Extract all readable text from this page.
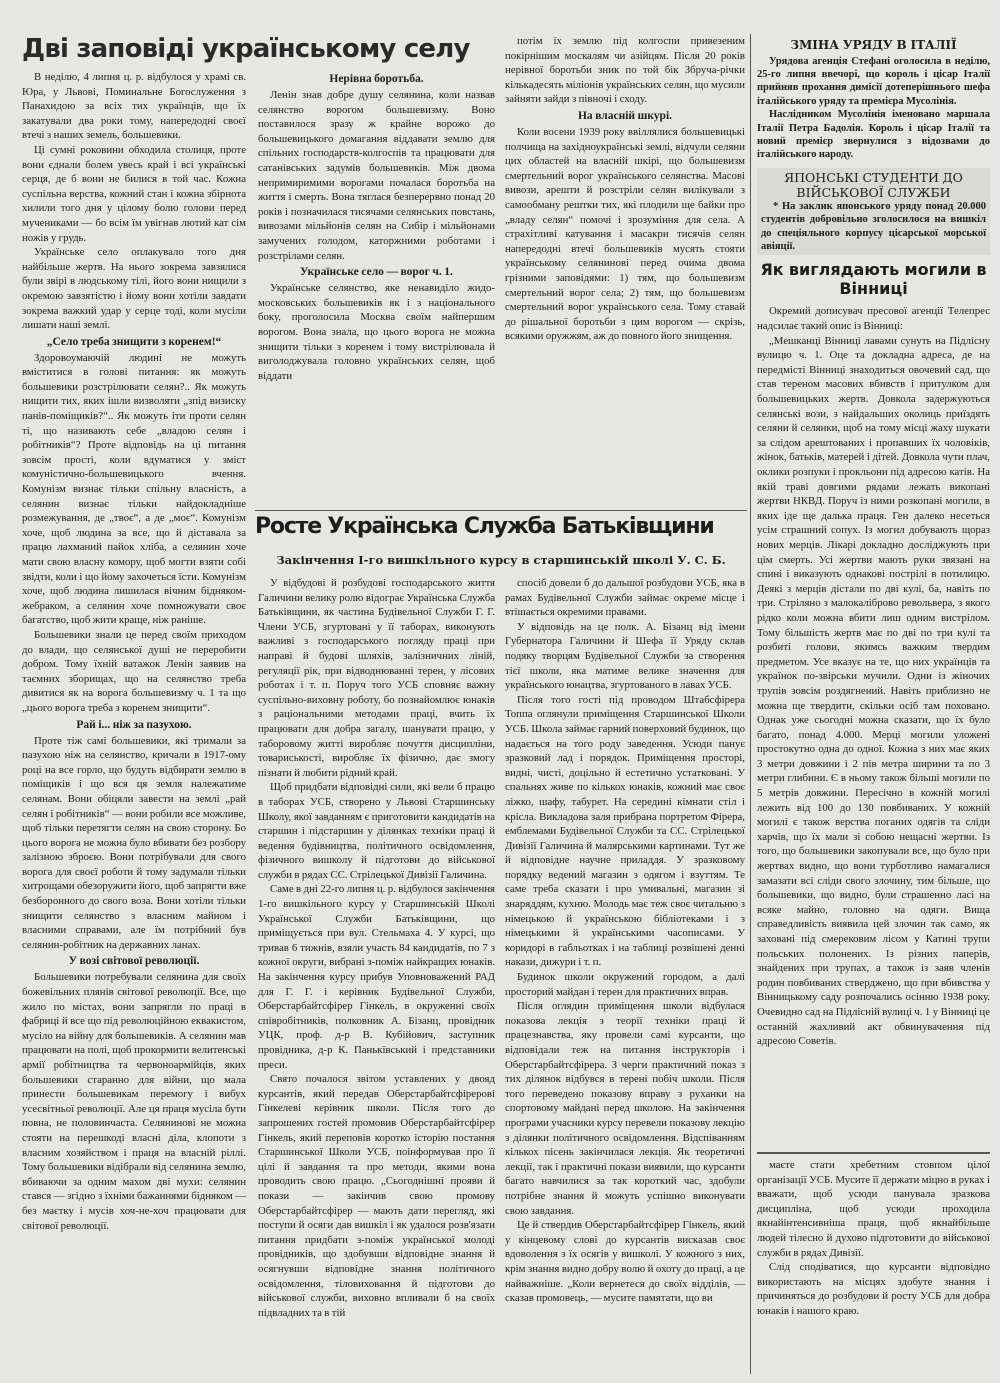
Дві заповіді українському селу

В неділю, 4 липня ц. р. відбулося у храмі св. Юра, у Львові, Поминальне Богослуження з Панахидою за всіх тих українців, що їх закатували два роки тому, напередодні своєї втечі з наших земель, большевики.

Ці сумні роковини обходила столиця, проте вони єднали болем увесь край і всі українські серця, де б вони не билися в той час. Кожна суспільна верства, кожний стан і кожна збірнота хилили того дня у цілому болю голови перед мучениками — бо всім їм увігнав лютий кат сім ножів у грудь.

Українське село оплакувало того дня найбільше жертв. На нього зокрема завзялися були звірі в людському тілі, його вони нищили з окремою завзятістю і йому вони хотіли завдати зокрема важкий удар у серце тоді, коли мусіли лишати наші землі.

„Село треба знищити з коренем!“

Здоровоумаючій людині не можуть вміститися в голові питання: як можуть большевики розстрілювати селян?.. Як можуть нищити тих, яких ішли визволяти „зпід визиску панів-поміщиків?“.. Як можуть іти проти селян ті, що називають себе „владою селян і робітників“? Проте відповідь на ці питання зовсім прості, коли вдуматися у зміст комуністично-большевицького вчення. Комунізм визнає тільки спільну власність, а селянин визнає тільки найдокладніше розмежування, де „твоє“, а де „моє“. Комунізм хоче, щоб людина за все, що й діставала за працю лахманий пайок хліба, а селянин хоче мати свою власну комору, щоб могти взяти собі звідти, коли і що йому захочеться їсти. Комунізм хоче, щоб людина лишилася вічним бідняком-жебраком, а селянин хоче помножувати своє багатство, щоб жити краще, ніж раніше.

Большевики знали це перед своїм приходом до влади, що селянської душі не переробити добром. Тому їхній ватажок Ленін заявив на таємних зборищах, що на селянство треба дивитися як на ворога большевизму ч. 1 та що „цього ворога треба з коренем знищити“.

Рай і... ніж за пазухою.

Проте тіж самі большевики, які тримали за пазухою ніж на селянство, кричали в 1917-ому році на все горло, що будуть відбирати землю в поміщиків і що вся ця земля належатиме селянам. Вони обіцяли завести на землі „рай селян і робітників“ — вони робили все можливе, щоб тільки перетягти селян на свою сторону. Бо цього ворога не можна було вбивати без розбору залізною зброєю. Вони потрібували для свого ворога для своєї роботи й тому задумали тільки хитрощами обезоружити його, щоб запрягти вже безборонного до свого воза. Вони хотіли тільки знищити селянство з власним майном і власними справами, але їм потрібний був селянин-робітник на державних ланах.

У возі світової революції.

Большевики потребували селянина для своїх божевільних плянів світової революції. Все, що жило по містах, вони запрягли по праці в фабриці й все що під революційною еквакистом, мусіло на війну для большевиків. А селянин мав працювати на полі, щоб прокормити велитенські армії робітництва та червоноармійців, яких большевики старанно для війни, що мала принести большевикам перемогу і вибух усесвітньої революції. Але ця праця мусіла бути повна, не половинчаста. Селянинові не можна стояти на перешкоді власні діла, клопоти з власним хозяйством і праця на власній ріллі. Тому большевики відібрали від селянина землю, вбиваючи за одним махом дві мухи: селянин стався — згідно з їхніми бажаннями бідняком — без маєтку і мусів хоч-не-хоч працювати для світової революції.

Нерівна боротьба.

Ленін знав добре душу селянина, коли назвав селянство ворогом большевизму. Воно поставилося зразу ж крайне ворожо до большевицького домагання віддавати землю для спільних господарств-колгоспів та працювати для сатанівських задумів большевиків. Між двома непримиримими ворогами почалася боротьба на життя і смерть. Вона тяглася безперервно понад 20 років і позначилася тисячами селянських повстань, вивозами мільйонів селян на Сибір і мільйонами замучених голодом, каторжними роботами і розстрілами селян.

Українське село — ворог ч. 1.

Українське селянство, яке ненавиділо жидо-московських большевиків як і з національного боку, проголосила Москва своїм найпершим ворогом. Вона знала, що цього ворога не можна знищити тільки з коренем і тому вистрілювала й виголоджувала головно українських селян, щоб віддати

потім їх землю під колгоспи привезеним покірнішим москалям чи азійцям. Після 20 років нерівної боротьби зник по той бік Збруча-річки кількадесять міліонів українських селян, що мусили зайняти зайди з півночі і сходу.

На власній шкурі.

Коли восени 1939 року ввіллялися большевицькі полчища на західноукраїнські землі, відчули селяни цих областей на власній шкірі, що большевизм смертельний ворог українського селянства. Масові вивози, арешти й розстріли селян вилікували з самообману рештки тих, які плодили ще байки про „владу селян“ помочі і зрозуміння для села. А страхітливі катування і масакри тисячів селян напередодні втечі большевиків мусять стояти українському селянинові перед очима двома грізними заповідями: 1) тям, що большевизм смертельний ворог села; 2) тям, що большевизм смертельний ворог українського села. Тому ставай до рішальної боротьби з цим ворогом — скрізь, всякими оружжям, аж до повного його знищення.

Росте Українська Служба Батьківщини
Закінчення І-го вишкільного курсу в старшинській школі У. С. Б.

У відбудові й розбудові господарського життя Галичини велику ролю відограє Українська Служба Батьківщини, як частина Будівельної Служби Г. Г. Члени УСБ, згуртовані у її таборах, виконують важливі з господарського погляду праці при направі й будові шляхів, залізничних ліній, регуляції рік, при відводнюванні терен, у лісових роботах і т. п. Поруч того УСБ сповняє важну суспільно-виховну роботу, бо познайомлює юнаків з раціональними методами праці, вчить їх працювати для добра загалу, шанувати працю, у таборовому житті виробляє почуття дисципліни, товариськості, виробляє їх фізично, дає змогу пізнати й любити рідний край.

Щоб придбати відповідні сили, які вели б працю в таборах УСБ, створено у Львові Старшинську Школу, якої завданням є приготовити кандидатів на старшин і підстаршин у ділянках техніки праці й ведення будівництва, політичного освідомлення, фізичного вишколу й підготови до військової служби в рядах СС. Стрілецької Дивізії Галичина.

Саме в дні 22-го липня ц. р. відбулося закінчення 1-го вишкільного курсу у Старшинській Школі Української Служби Батьківщини, що приміщується при вул. Стельмаха 4. У курсі, що тривав 6 тижнів, взяли участь 84 кандидатів, по 7 з кожної округи, вибрані з-поміж найкращих юнаків. На закінчення курсу прибув Уповноважений РАД для Г. Г. і керівник Будівельної Служби, Оберстарбайтсфірер Гінкель, в окруженні своїх співробітників, полковник А. Бізанц, провідник УЦК, проф. д-р В. Кубійович, заступник провідника, д-р К. Панькївський і представники преси.

Свято почалося звітом уставлених у двояд курсантів, який передав Оберстарбайтсфірерові Гінкелеві керівник школи. Після того до запрошених гостей промовив Оберстарбайтсфірер Гінкель, який переповів коротко історію постання Старшинської Школи УСБ, поінформував про її цілі й завдання та про методи, якими вона проводить свою працю. „Сьогоднішні прояви й покази — закінчив свою промову Оберстарбайтсфірер — мають дати перегляд, які поступи й осяги дав вишкіл і як удалося розв'язати питання придбати з-поміж української молоді провідників, що здобувши відповідне знання й осягнувши відповідне знання політичного освідомлення, тіловиховання й підготови до військової служби, виховно впливали б на своїх підвладних та в тій

спосіб довели б до дальшої розбудови УСБ, яка в рамах Будівельної Служби займає окреме місце і втішається окремими правами.

У відповідь на це полк. А. Бізанц від імени Губернатора Галичини й Шефа її Уряду склав подяку творцям Будівельної Служби за створення тієї школи, яка матиме велике значення для українського юнацтва, згуртованого в лавах УСБ.

Після того гості під проводом Штабсфірера Топпа оглянули приміщення Старшинської Школи УСБ. Школа займає гарний поверховий будинок, що надається на того роду заведення. Усюди панує зразковий лад і порядок. Приміщення просторі, видні, чисті, доцільно й естетично устатковані. У спальнях живе по кількох юнаків, кожний має своє ліжко, шафу, табурет. На середині кімнати стіл і крісла. Викладова заля прибрана портретом Фірера, емблемами Будівельної Служби та СС. Стрілецької Дивізії Галичина й малярськими картинами. Тут же й відповідне научне приладдя. У зразковому порядку ведений магазин з одягом і взуттям. Те саме треба сказати і про умивальні, магазин зі знаряддям, кухню. Молодь має теж своє читальню з німецькою й українською бібліотеками і з німецькими й українськими часописами. У коридорі в габльотках і на таблиці розвішені денні накази, дижури і т. п.

Будинок школи окружений городом, а далі просторий майдан і терен для практичних вправ.

Після оглядин приміщення школи відбулася показова лекція з теорії техніки праці й працезнавства, яку провели самі курсанти, що відповідали теж на питання інструкторів і Оберстарбайтсфірера. З черги практичний показ з тих ділянок відбувся в терені побіч школи. Після того переведено показову вправу з руханки на спортовому майдані перед школою. На закінчення програми учасники курсу перевели показову лекцію з ділянки політичного освідомлення. Відспіванням кількох пісень закінчилася лекція. Як теоретичні лекції, так і практичні покази виявили, що курсанти багато навчилися за так короткий час, здобули потрібне знання й можуть успішно виконувати свою завдання.

Це й ствердив Оберстарбайтсфірер Гінкель, який у кінцевому слові до курсантів висказав своє вдоволення з їх осягів у вишколі. У кожного з них, крім знання видно добру волю й охоту до праці, а це найважніше. „Коли вернетеся до своїх відділів, — сказав промовець, — мусите памятати, що ви

ЗМІНА УРЯДУ В ІТАЛІЇ

Урядова агенція Стефані оголосила в неділю, 25-го липня ввечорі, що король і цісар Італії прийняв прохання димісії дотеперішнього шефа італійського уряду та премієра Мусолінія.

Наслідником Мусолінія іменовано маршала Італії Петра Бадолія. Король і цісар Італії та новий премієр звернулися з відозвами до італійського народу.

ЯПОНСЬКІ СТУДЕНТИ ДО ВІЙСЬКОВОЇ СЛУЖБИ

* На заклик японського уряду понад 20.000 студентів добровільно зголосилося на вишкіл до спеціяльного корпусу цісарської морської авіяції.

Як виглядають могили в Вінниці

Окремий дописувач пресової агенції Телепрес надсилає такий опис із Вінниці:

„Мешканці Вінниці лавами сунуть на Підлісну вулицю ч. 1. Оце та докладна адреса, де на передмісті Вінниці знаходиться овочевий сад, що став тереном масових вбивств і притулком для большевицьких жертв. Довкола задержуються селянські вози, з найдальших околиць приїздять селяни й селянки, щоб на тому місці жаху шукати за слідом арештованих і пропавших їх чоловіків, жінок, батьків, матерей і дітей. Довкола чути плач, оклики розпуки і прокльони під адресою катів. На якій траві довгими рядами лежать викопані жертви НКВД. Поруч із ними розкопані могили, в яких іде ще далька праця. Ген далеко несеться усім страшний сопух. Із могил добувають щораз нових мерців. Лікарі докладно досліджують при цім смерть. Усі жертви мають руки звязані на спині і виказують однакові пострілі в потилицю. Деякі з мерців дістали по дві кулі, ба, навіть по три. Стріляно з малокаліброво револьвера, з якого рідко коли можна вбити лиш одним вистрілом. Тому більшість жертв має по дві по три кулі та розбиті голови, якимсь важким твердим предметом. Усе вказує на те, що них українців та українок по-звірськи мучили. Одни із жіночих трупів зовсім роздягнений. Навіть приблизно не можна ще твердити, скільки осіб там поховано. Однак уже сьогодні можна сказати, що їх було багато, понад 4.000. Мерці могили уложені простокутно одна до одної. Кожна з них має яких 3 метри довжини і 2 пів метра ширини та по 3 метри глибини. Є в ньому також більші могили по 5 метрів довжини. Пересічно в кожній могилі лежить від 100 до 130 повбиваних. У кожній могилі є також верства поганих одягів та сліди харчів, що їх мали зі собою нещасні жертви. Із того, що большевики закопували все, що було при жертвах видно, що вони турботливо намагалися замазати всі сліди свого злочину, тим більше, що большевики, що видно, були страшенно ласі на всяке майно, головно на одяги. Вища справедливість виявила цей злочин так само, як заховані під смерековим лісом у Катині трупи польських полонених. Із різних паперів, знайдених при трупах, а також із заяв членів родин повбиваних стверджено, що при вбивства у Вінницькому саду розпочались осінню 1938 року. Очевидно сад на Підлісній вулиці ч. 1 у Вінниці це останній жахливий акт обвинувачення під адресою Советів.

маєте стати хребетним стовпом цілої організації УСБ. Мусите її держати міцно в руках і вважати, щоб усюди панувала зразкова дисципліна, щоб усюди проходила якнайінтенсивніша праця, щоб якнайбільше людей тілесно й духово підготовити до військової служби в рядах Дивізії.

Слід сподіватися, що курсанти відповідно використають на місцях здобуте знання і причиняться до розбудови й росту УСБ для добра юнаків і нашого краю.
